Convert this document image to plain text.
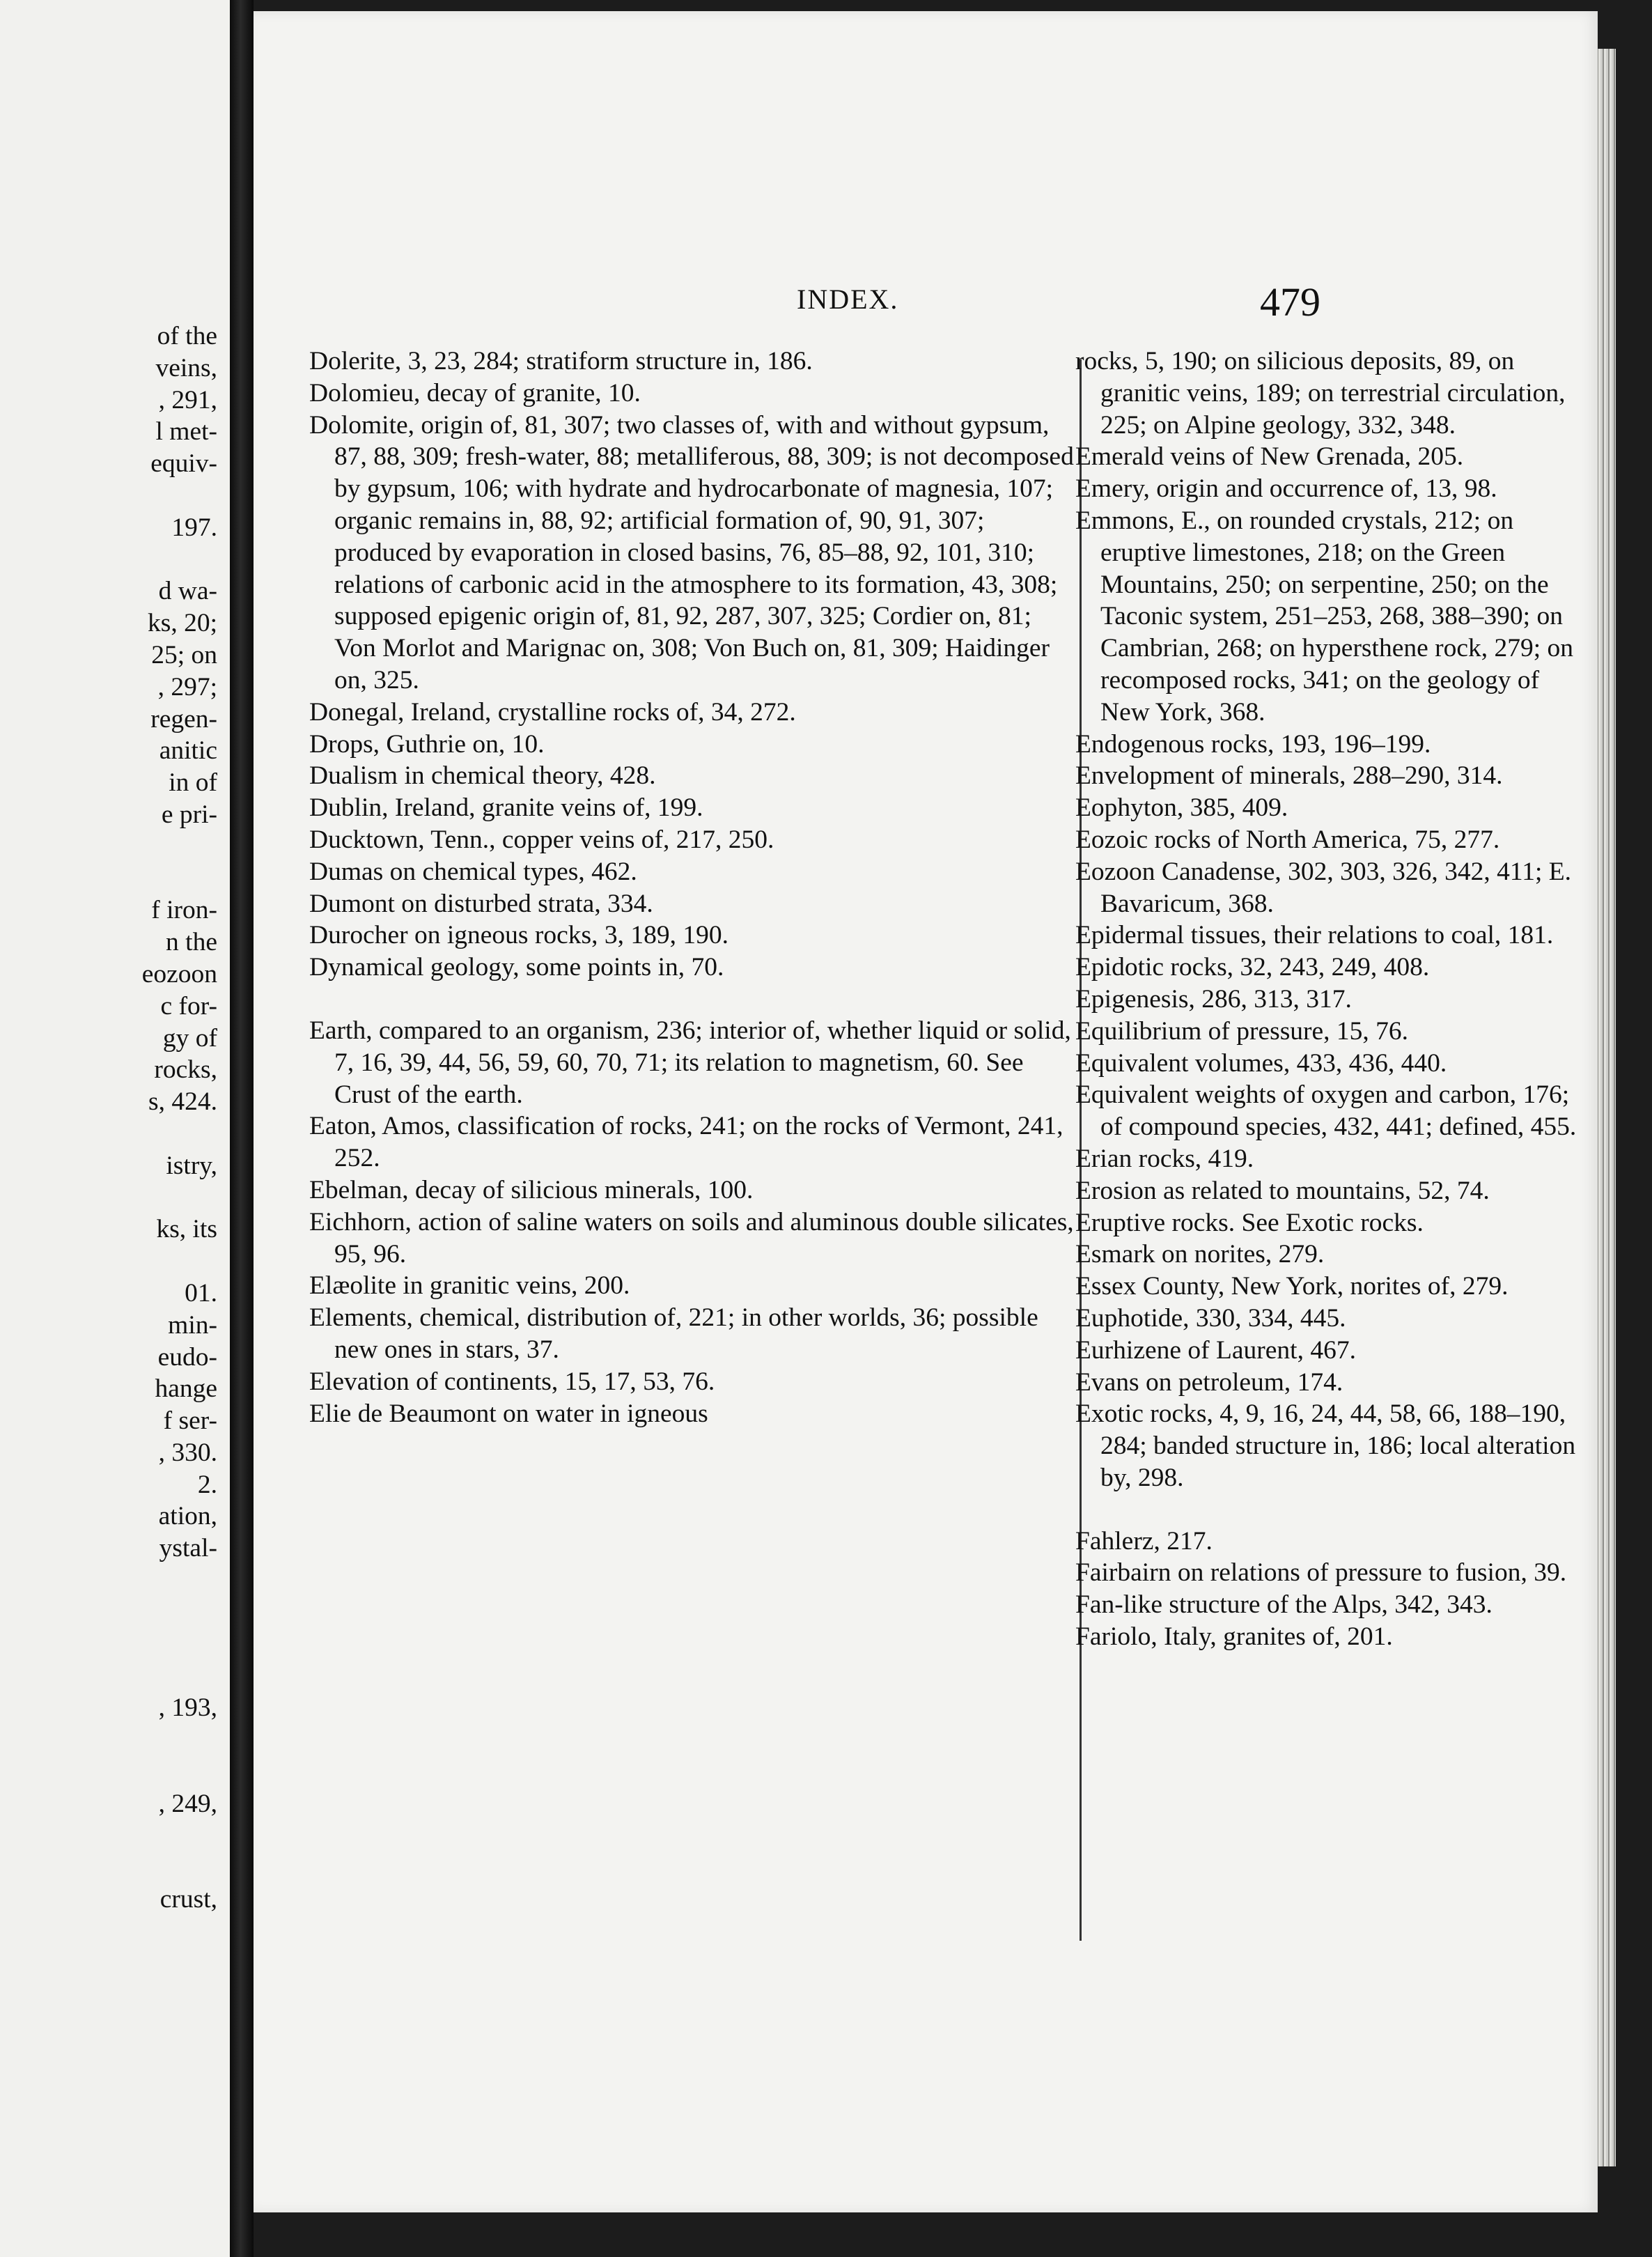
of the
veins,
, 291,
l met-
equiv-

197.

d wa-
ks, 20;
25; on
, 297;
regen-
anitic
in of
e pri-

f iron-
n the
eozoon
c for-
gy of
rocks,
s, 424.

istry,

ks, its

01.
min-
eudo-
hange
f ser-
, 330.
2.
ation,
ystal-

, 193,

, 249,

crust,
INDEX.	479
Dolerite, 3, 23, 284; stratiform structure in, 186.
Dolomieu, decay of granite, 10.
Dolomite, origin of, 81, 307; two classes of, with and without gypsum, 87, 88, 309; fresh-water, 88; metalliferous, 88, 309; is not decomposed by gypsum, 106; with hydrate and hydrocarbonate of magnesia, 107; organic remains in, 88, 92; artificial formation of, 90, 91, 307; produced by evaporation in closed basins, 76, 85–88, 92, 101, 310; relations of carbonic acid in the atmosphere to its formation, 43, 308; supposed epigenic origin of, 81, 92, 287, 307, 325; Cordier on, 81; Von Morlot and Marignac on, 308; Von Buch on, 81, 309; Haidinger on, 325.
Donegal, Ireland, crystalline rocks of, 34, 272.
Drops, Guthrie on, 10.
Dualism in chemical theory, 428.
Dublin, Ireland, granite veins of, 199.
Ducktown, Tenn., copper veins of, 217, 250.
Dumas on chemical types, 462.
Dumont on disturbed strata, 334.
Durocher on igneous rocks, 3, 189, 190.
Dynamical geology, some points in, 70.
Earth, compared to an organism, 236; interior of, whether liquid or solid, 7, 16, 39, 44, 56, 59, 60, 70, 71; its relation to magnetism, 60. See Crust of the earth.
Eaton, Amos, classification of rocks, 241; on the rocks of Vermont, 241, 252.
Ebelman, decay of silicious minerals, 100.
Eichhorn, action of saline waters on soils and aluminous double silicates, 95, 96.
Elæolite in granitic veins, 200.
Elements, chemical, distribution of, 221; in other worlds, 36; possible new ones in stars, 37.
Elevation of continents, 15, 17, 53, 76.
Elie de Beaumont on water in igneous
rocks, 5, 190; on silicious deposits, 89, on granitic veins, 189; on terrestrial circulation, 225; on Alpine geology, 332, 348.
Emerald veins of New Grenada, 205.
Emery, origin and occurrence of, 13, 98.
Emmons, E., on rounded crystals, 212; on eruptive limestones, 218; on the Green Mountains, 250; on serpentine, 250; on the Taconic system, 251–253, 268, 388–390; on Cambrian, 268; on hypersthene rock, 279; on recomposed rocks, 341; on the geology of New York, 368.
Endogenous rocks, 193, 196–199.
Envelopment of minerals, 288–290, 314.
Eophyton, 385, 409.
Eozoic rocks of North America, 75, 277.
Eozoon Canadense, 302, 303, 326, 342, 411; E. Bavaricum, 368.
Epidermal tissues, their relations to coal, 181.
Epidotic rocks, 32, 243, 249, 408.
Epigenesis, 286, 313, 317.
Equilibrium of pressure, 15, 76.
Equivalent volumes, 433, 436, 440.
Equivalent weights of oxygen and carbon, 176; of compound species, 432, 441; defined, 455.
Erian rocks, 419.
Erosion as related to mountains, 52, 74.
Eruptive rocks. See Exotic rocks.
Esmark on norites, 279.
Essex County, New York, norites of, 279.
Euphotide, 330, 334, 445.
Eurhizene of Laurent, 467.
Evans on petroleum, 174.
Exotic rocks, 4, 9, 16, 24, 44, 58, 66, 188–190, 284; banded structure in, 186; local alteration by, 298.
Fahlerz, 217.
Fairbairn on relations of pressure to fusion, 39.
Fan-like structure of the Alps, 342, 343.
Fariolo, Italy, granites of, 201.
